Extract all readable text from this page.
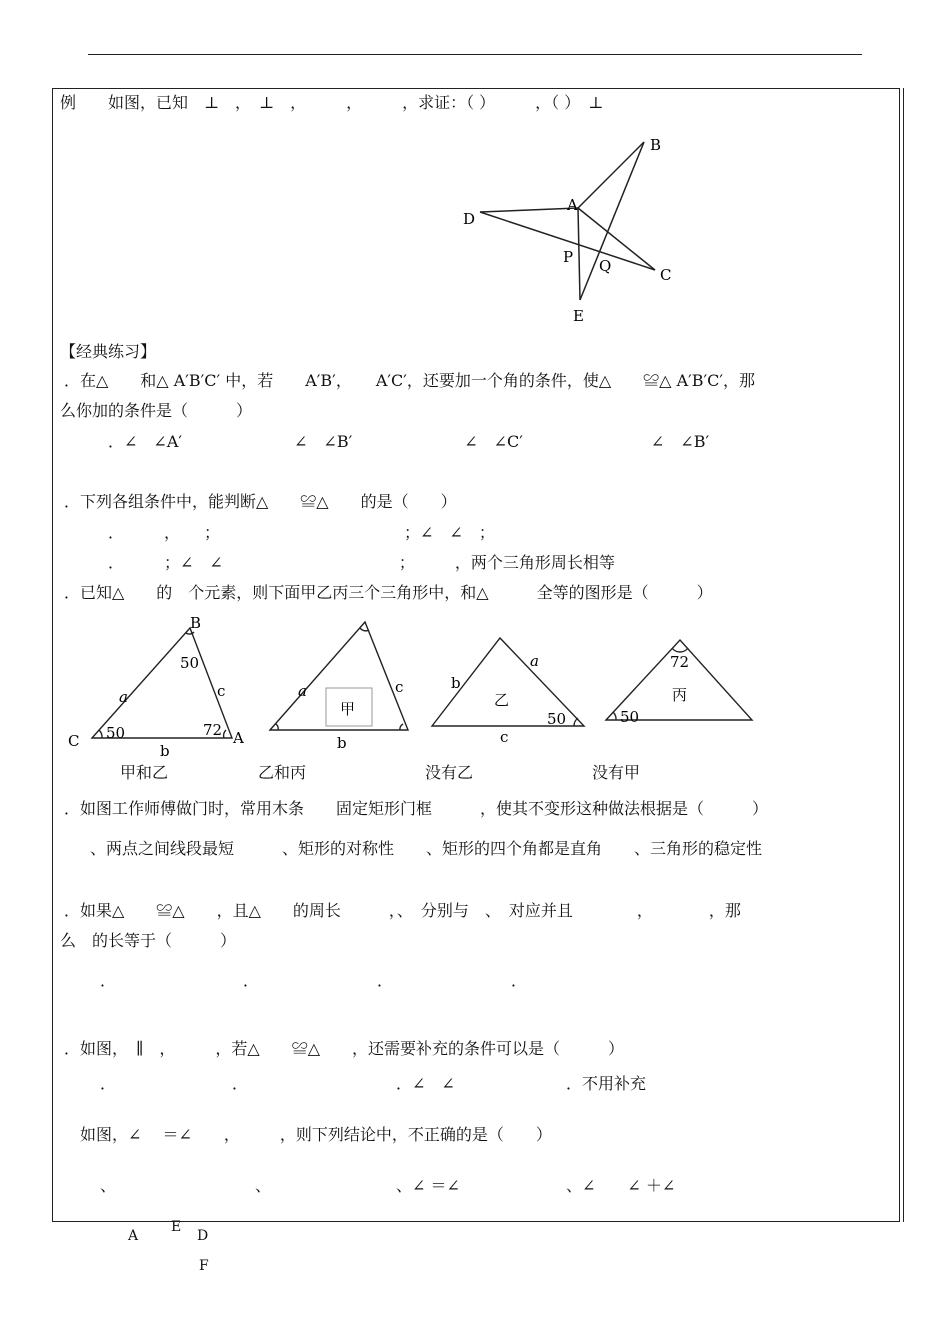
例　　如图，已知　⊥　，　⊥　，　　　，　　　，求证：（ ）　　　，（ ）　⊥
B
A
D
P Q	C
E
【经典练习】
．在△　　和△ A′B′C′ 中，若　　A′B′，　　A′C′，还要加一个角的条件，使△　　≌△ A′B′C′，那
么你加的条件是（　　　）
．∠　∠A′　　　　　　　∠　∠B′　　　　　　　∠　∠C′　　　　　　　　∠　∠B′
．下列各组条件中，能判断△　　≌△　　的是（　　）
．　　　，　　；　　　　　　　　　　　　；∠　∠　；
．　　　；∠　∠　　　　　　　　　　　；　　　，两个三角形周长相等
．已知△　　的　个元素，则下面甲乙丙三个三角形中，和△　　　全等的图形是（　　　）
B
C	A
a
b
c
50
50	72
甲
a
b
c	b
a
c
乙
50
72
50
丙
甲和乙	乙和丙	没有乙	没有甲
．如图工作师傅做门时，常用木条　　固定矩形门框　　　，使其不变形这种做法根据是（　　　）
、两点之间线段最短　　　、矩形的对称性　　、矩形的四个角都是直角　　、三角形的稳定性
．如果△　　≌△　　，且△　　的周长　　　，、　分别与　、　对应并且　　　　，　　　　，那
么　的长等于（　　　）
．	．	．	．
．如图，　∥　，　　　，若△　　≌△　　，还需要补充的条件可以是（　　　）
．	．	．∠　∠	．不用补充
如图，∠　 ＝∠　　，　　　，则下列结论中，不正确的是（　　）
、	、	、∠ ＝∠	、∠　　∠ ＋∠
A
E
D
F
